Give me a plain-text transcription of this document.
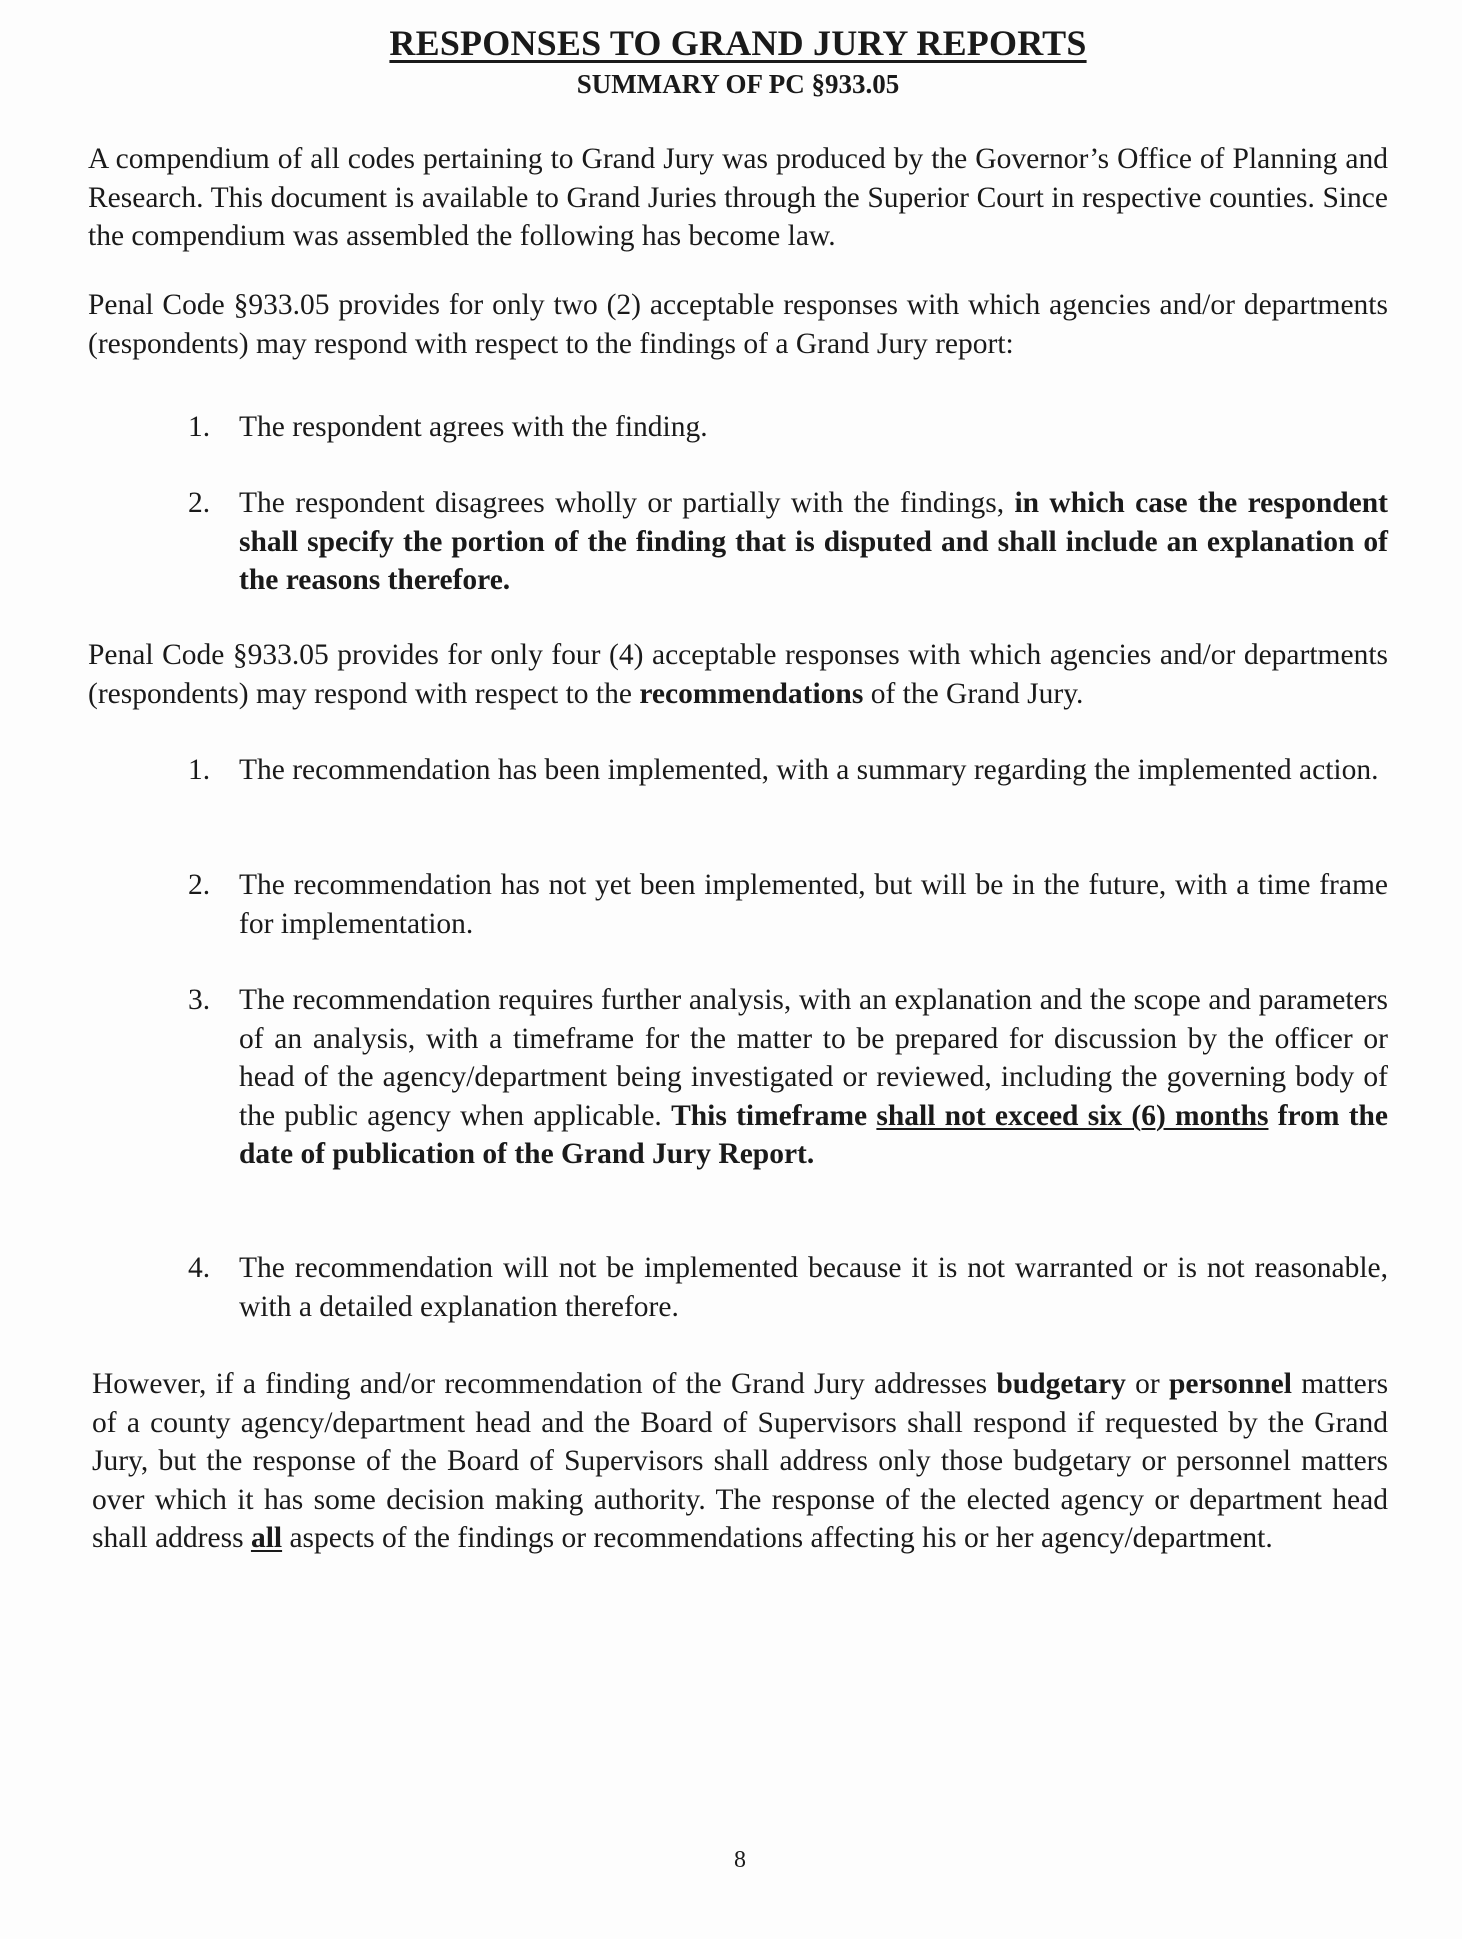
RESPONSES TO GRAND JURY REPORTS
SUMMARY OF PC §933.05

A compendium of all codes pertaining to Grand Jury was produced by the Governor’s Office of Planning and Research. This document is available to Grand Juries through the Superior Court in respective counties. Since the compendium was assembled the following has become law.

Penal Code §933.05 provides for only two (2) acceptable responses with which agencies and/or departments (respondents) may respond with respect to the findings of a Grand Jury report:

1. The respondent agrees with the finding.
2. The respondent disagrees wholly or partially with the findings, in which case the respondent shall specify the portion of the finding that is disputed and shall include an explanation of the reasons therefore.

Penal Code §933.05 provides for only four (4) acceptable responses with which agencies and/or departments (respondents) may respond with respect to the recommendations of the Grand Jury.

1. The recommendation has been implemented, with a summary regarding the implemented action.
2. The recommendation has not yet been implemented, but will be in the future, with a time frame for implementation.
3. The recommendation requires further analysis, with an explanation and the scope and parameters of an analysis, with a timeframe for the matter to be prepared for discussion by the officer or head of the agency/department being investigated or reviewed, including the governing body of the public agency when applicable. This timeframe shall not exceed six (6) months from the date of publication of the Grand Jury Report.
4. The recommendation will not be implemented because it is not warranted or is not reasonable, with a detailed explanation therefore.

However, if a finding and/or recommendation of the Grand Jury addresses budgetary or personnel matters of a county agency/department head and the Board of Supervisors shall respond if requested by the Grand Jury, but the response of the Board of Supervisors shall address only those budgetary or personnel matters over which it has some decision making authority. The response of the elected agency or department head shall address all aspects of the findings or recommendations affecting his or her agency/department.

8
